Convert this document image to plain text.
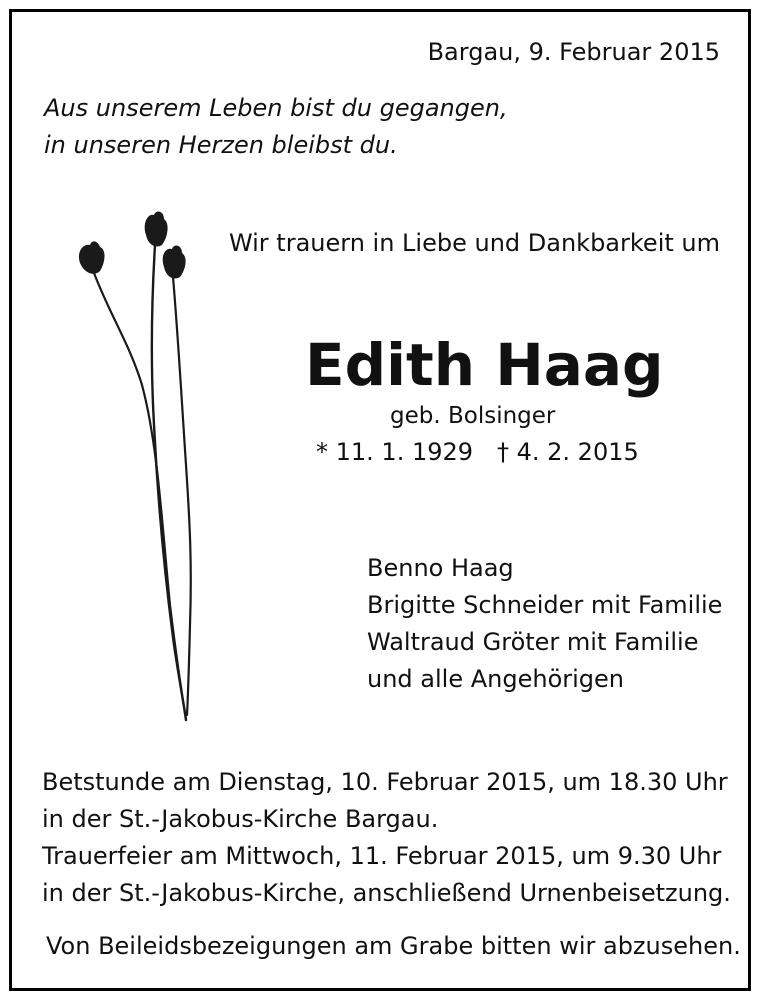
Bargau, 9. Februar 2015
Aus unserem Leben bist du gegangen,
in unseren Herzen bleibst du.
Wir trauern in Liebe und Dankbarkeit um
Edith Haag
geb. Bolsinger
* 11. 1. 1929 † 4. 2. 2015
Benno Haag
Brigitte Schneider mit Familie
Waltraud Gröter mit Familie
und alle Angehörigen
Betstunde am Dienstag, 10. Februar 2015, um 18.30 Uhr
in der St.-Jakobus-Kirche Bargau.
Trauerfeier am Mittwoch, 11. Februar 2015, um 9.30 Uhr
in der St.-Jakobus-Kirche, anschließend Urnenbeisetzung.
Von Beileidsbezeigungen am Grabe bitten wir abzusehen.
